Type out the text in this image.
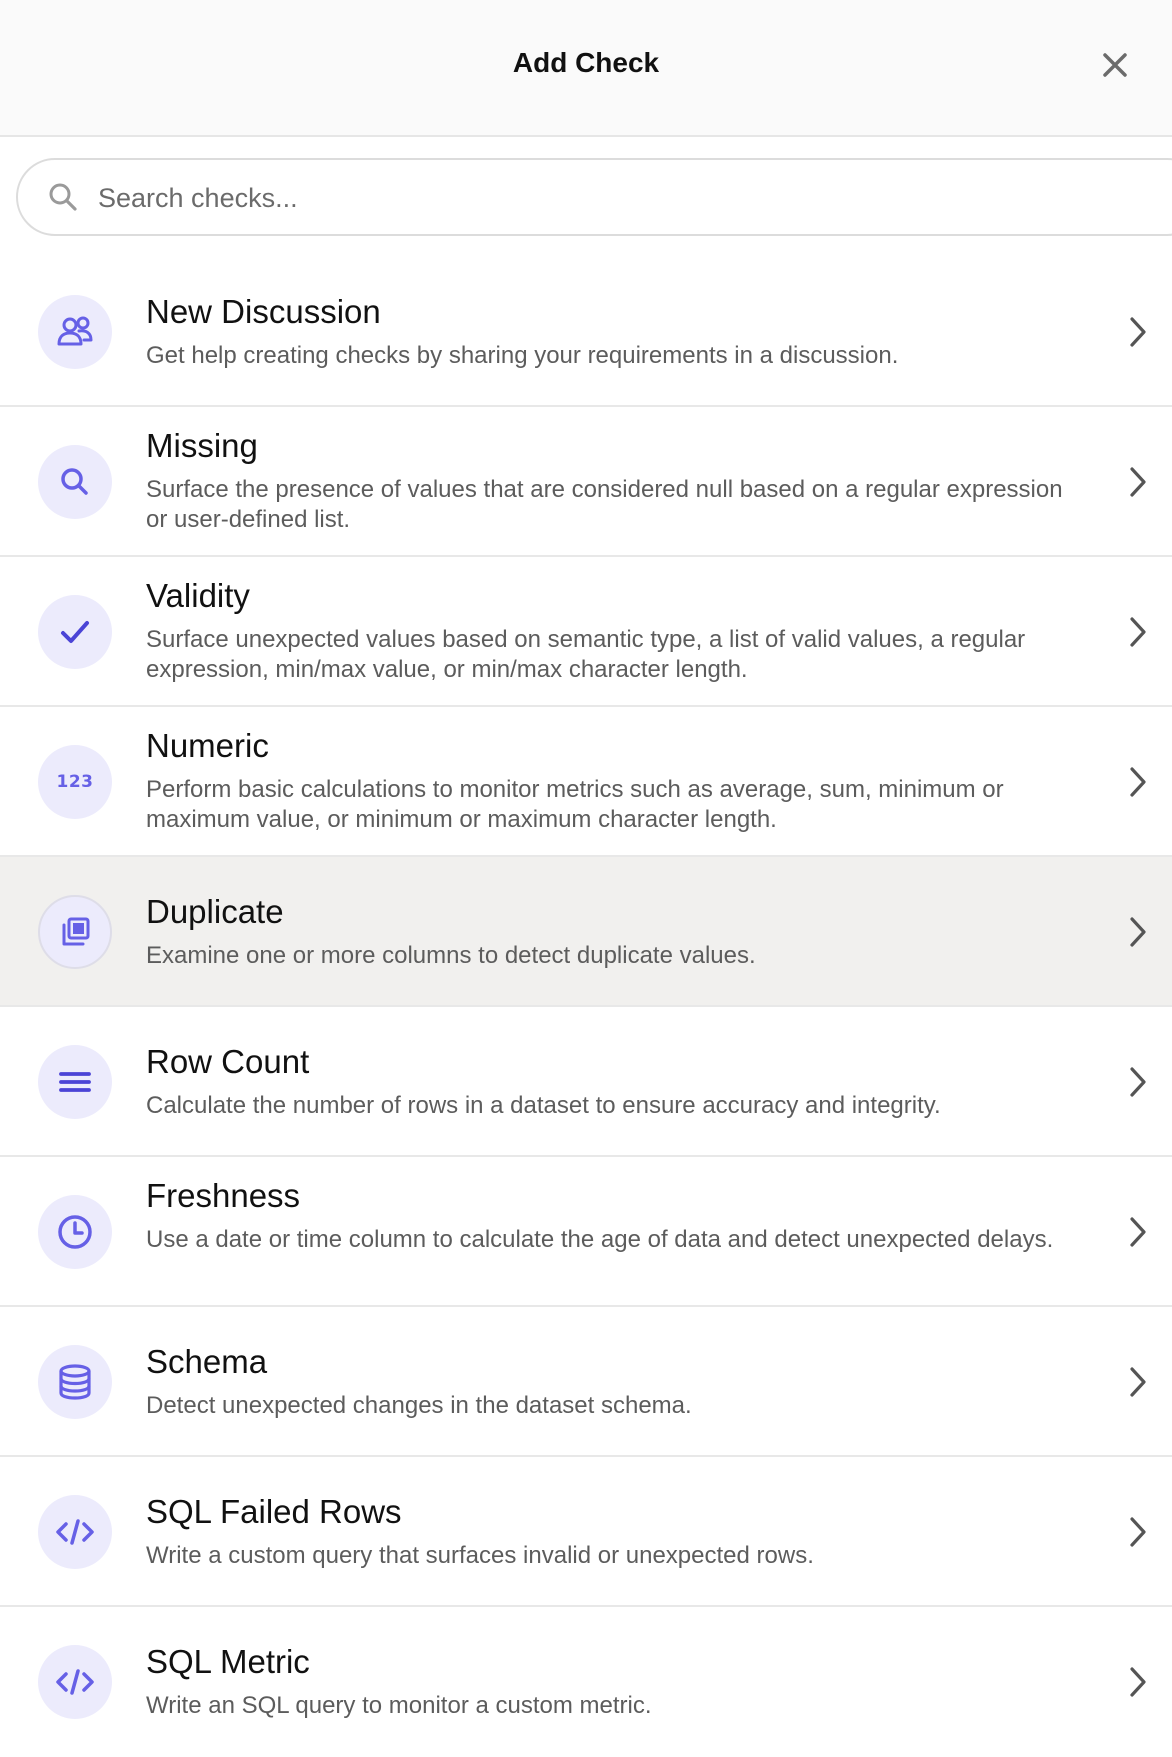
Add Check
Search checks...
New Discussion
Get help creating checks by sharing your requirements in a discussion.
Missing
Surface the presence of values that are considered null based on a regular expression or user-defined list.
Validity
Surface unexpected values based on semantic type, a list of valid values, a regular expression, min/max value, or min/max character length.
123
Numeric
Perform basic calculations to monitor metrics such as average, sum, minimum or maximum value, or minimum or maximum character length.
Duplicate
Examine one or more columns to detect duplicate values.
Row Count
Calculate the number of rows in a dataset to ensure accuracy and integrity.
Freshness
Use a date or time column to calculate the age of data and detect unexpected delays.
Schema
Detect unexpected changes in the dataset schema.
SQL Failed Rows
Write a custom query that surfaces invalid or unexpected rows.
SQL Metric
Write an SQL query to monitor a custom metric.
